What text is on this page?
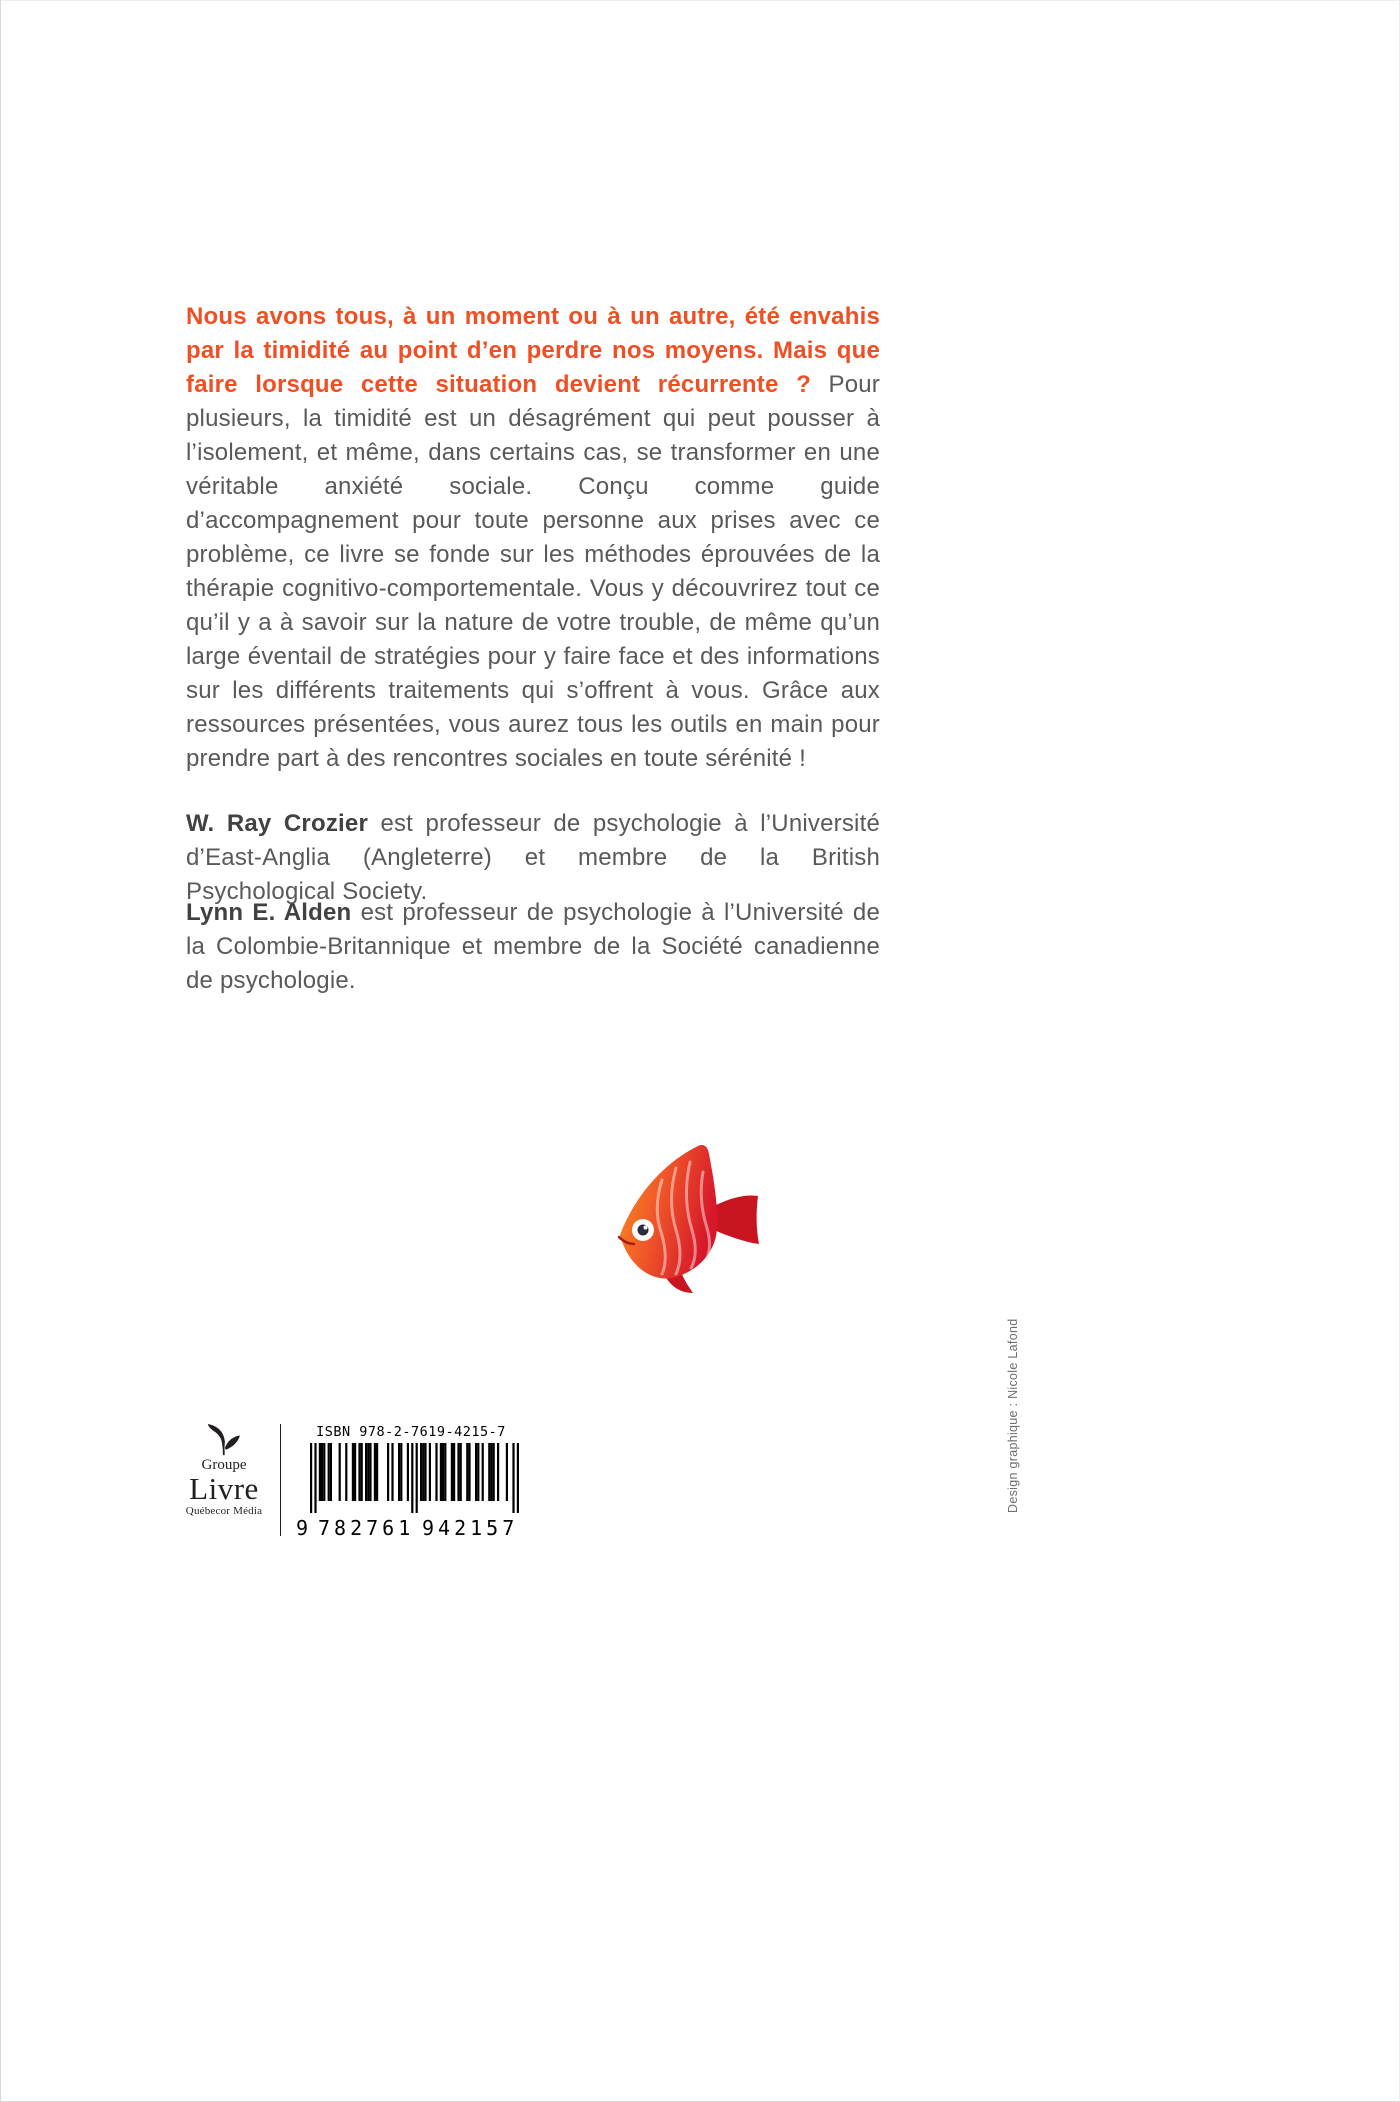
Nous avons tous, à un moment ou à un autre, été envahis par la timidité au point d’en perdre nos moyens. Mais que faire lorsque cette situation devient récurrente ? Pour plusieurs, la timidité est un désagrément qui peut pousser à l’isolement, et même, dans certains cas, se transformer en une véritable anxiété sociale. Conçu comme guide d’accompagnement pour toute personne aux prises avec ce problème, ce livre se fonde sur les méthodes éprouvées de la thérapie cognitivo-comportementale. Vous y découvrirez tout ce qu’il y a à savoir sur la nature de votre trouble, de même qu’un large éventail de stratégies pour y faire face et des informations sur les différents traitements qui s’offrent à vous. Grâce aux ressources présentées, vous aurez tous les outils en main pour prendre part à des rencontres sociales en toute sérénité !

W. Ray Crozier est professeur de psychologie à l’Université d’East-Anglia (Angleterre) et membre de la British Psychological Society.

Lynn E. Alden est professeur de psychologie à l’Université de la Colombie-Britannique et membre de la Société canadienne de psychologie.

Groupe
Livre
Québecor Média
ISBN 978-2-7619-4215-7
9 782761 942157
Design graphique : Nicole Lafond
